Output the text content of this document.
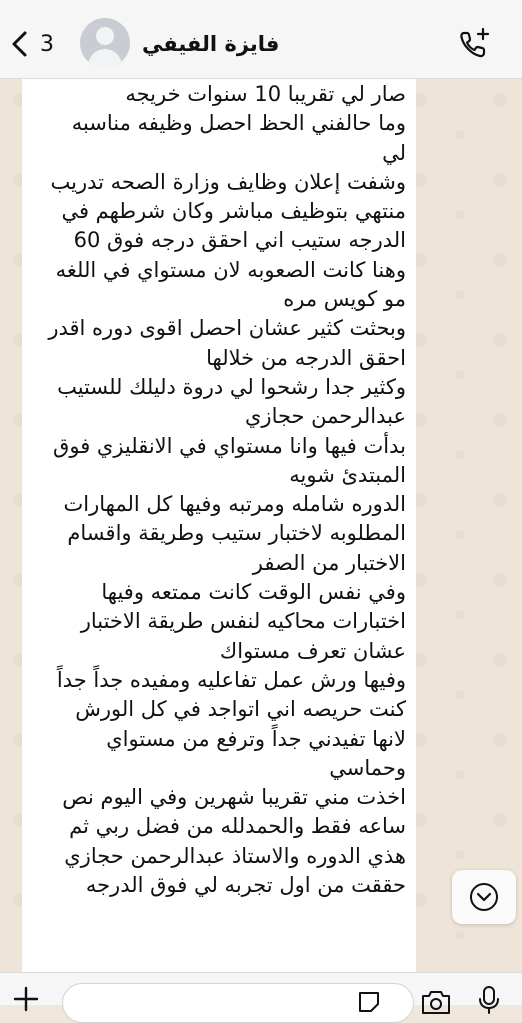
3	فايزة الفيفي
صار لي تقريبا 10 سنوات خريجه
وما حالفني الحظ احصل وظيفه مناسبه
لي
وشفت إعلان وظايف وزارة الصحه تدريب
منتهي بتوظيف مباشر وكان شرطهم في
الدرجه ستيب اني احقق درجه فوق 60
وهنا كانت الصعوبه لان مستواي في اللغه
مو كويس مره
وبحثت كثير عشان احصل اقوى دوره اقدر
احقق الدرجه من خلالها
وكثير جدا رشحوا لي دروة دليلك للستيب
عبدالرحمن حجازي
بدأت فيها وانا مستواي في الانقليزي فوق
المبتدئ شويه
الدوره شامله ومرتبه وفيها كل المهارات
المطلوبه لاختبار ستيب وطريقة واقسام
الاختبار من الصفر
وفي نفس الوقت كانت ممتعه وفيها
اختبارات محاكيه لنفس طريقة الاختبار
عشان تعرف مستواك
وفيها ورش عمل تفاعليه ومفيده جداً جداً
كنت حريصه اني اتواجد في كل الورش
لانها تفيدني جداً وترفع من مستواي
وحماسي
اخذت مني تقريبا شهرين وفي اليوم نص
ساعه فقط والحمدلله من فضل ربي ثم
هذي الدوره والاستاذ عبدالرحمن حجازي
حققت من اول تجربه لي فوق الدرجه
